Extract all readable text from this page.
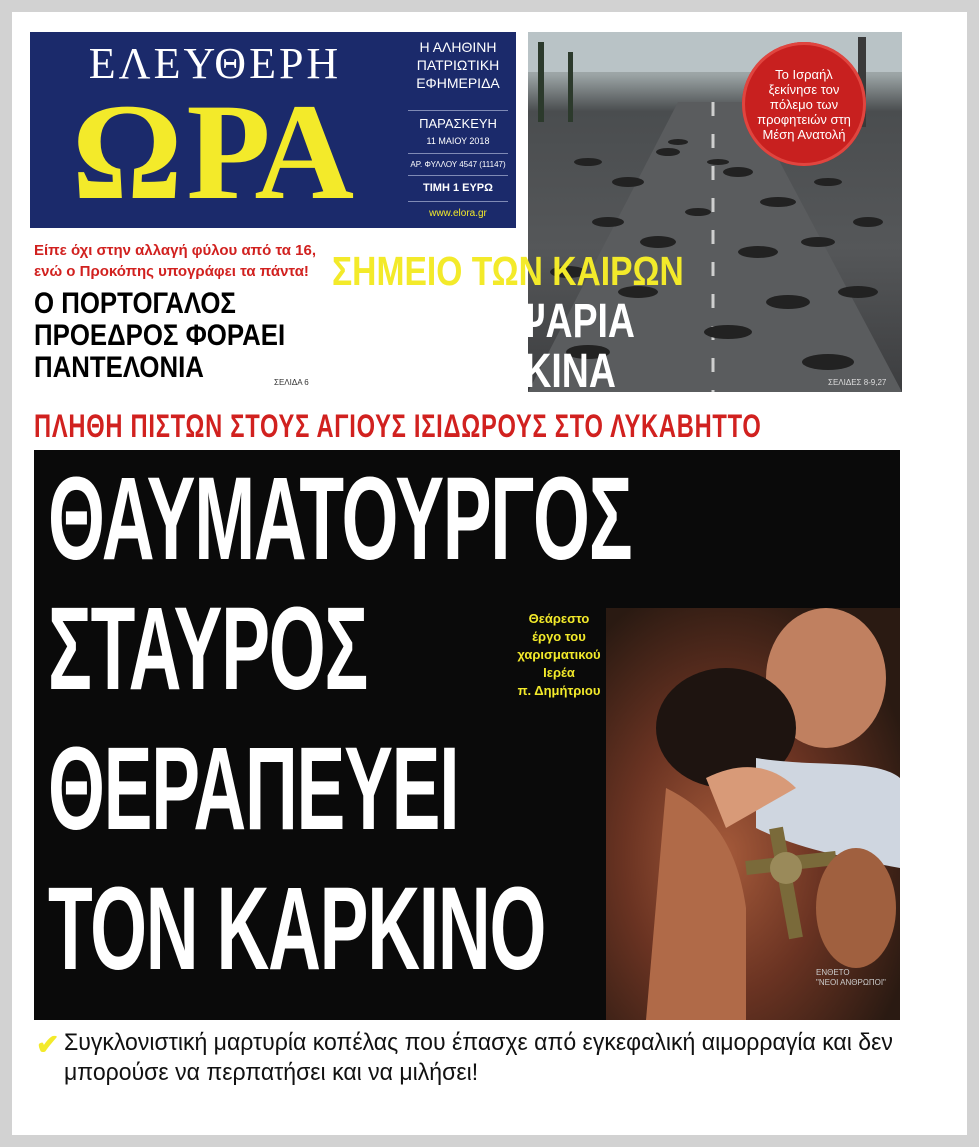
ΕΛΕΥΘΕΡΗ
ΩΡΑ
Η ΑΛΗΘΙΝΗ
ΠΑΤΡΙΩΤΙΚΗ
ΕΦΗΜΕΡΙΔΑ
ΠΑΡΑΣΚΕΥΗ
11 ΜΑΙΟΥ 2018
ΑΡ. ΦΥΛΛΟΥ 4547 (11147)
ΤΙΜΗ 1 ΕΥΡΩ
www.elora.gr
Το Ισραήλ ξεκίνησε τον πόλεμο των προφητειών στη Μέση Ανατολή
ΣΗΜΕΙΟ ΤΩΝ ΚΑΙΡΩΝ
"ΒΡΕΧΕΙ" ΨΑΡΙΑ
ΣΕ ΙΡΑΝ & ΚΙΝΑ	ΣΕΛΙΔΕΣ 8-9,27
Είπε όχι στην αλλαγή φύλου από τα 16,
ενώ ο Προκόπης υπογράφει τα πάντα!
Ο ΠΟΡΤΟΓΑΛΟΣ
ΠΡΟΕΔΡΟΣ ΦΟΡΑΕΙ
ΠΑΝΤΕΛΟΝΙΑ	ΣΕΛΙΔΑ 6
ΠΛΗΘΗ ΠΙΣΤΩΝ ΣΤΟΥΣ ΑΓΙΟΥΣ ΙΣΙΔΩΡΟΥΣ ΣΤΟ ΛΥΚΑΒΗΤΤΟ
ΘΑΥΜΑΤΟΥΡΓΟΣ
ΣΤΑΥΡΟΣ
ΘΕΡΑΠΕΥΕΙ
ΤΟΝ ΚΑΡΚΙΝΟ
Θεάρεστο
έργο του
χαρισματικού
Ιερέα
π. Δημήτριου
ΕΝΘΕΤΟ
"ΝΕΟΙ ΑΝΘΡΩΠΟΙ"
✔ Συγκλονιστική μαρτυρία κοπέλας που έπασχε από εγκεφαλική αιμορραγία και δεν μπορούσε να περπατήσει και να μιλήσει!
